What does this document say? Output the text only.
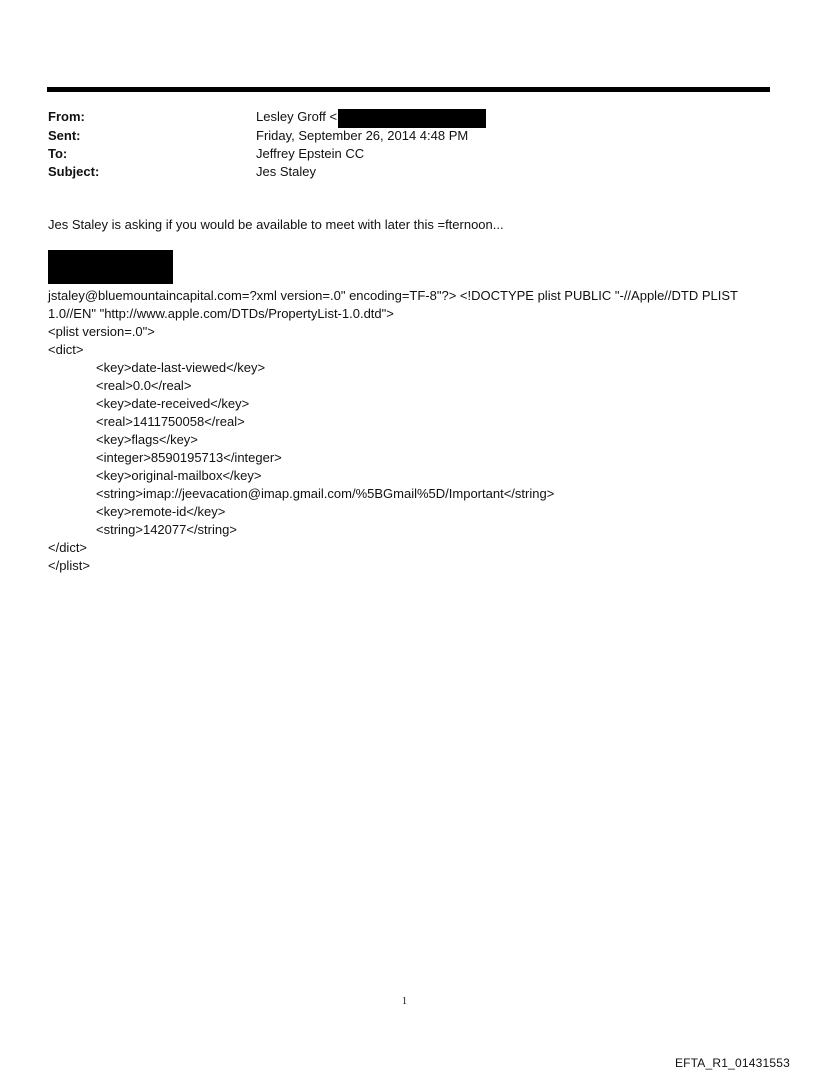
From:	Lesley Groff <
Sent:	Friday, September 26, 2014 4:48 PM
To:	Jeffrey Epstein CC
Subject:	Jes Staley
Jes Staley is asking if you would be available to meet with later this =fternoon...
jstaley@bluemountaincapital.com=?xml version=.0" encoding=TF-8"?> <!DOCTYPE plist PUBLIC "-//Apple//DTD PLIST
1.0//EN" "http://www.apple.com/DTDs/PropertyList-1.0.dtd">
<plist version=.0">
<dict>
<key>date-last-viewed</key>
<real>0.0</real>
<key>date-received</key>
<real>1411750058</real>
<key>flags</key>
<integer>8590195713</integer>
<key>original-mailbox</key>
<string>imap://jeevacation@imap.gmail.com/%5BGmail%5D/Important</string>
<key>remote-id</key>
<string>142077</string>
</dict>
</plist>
1
EFTA_R1_01431553
